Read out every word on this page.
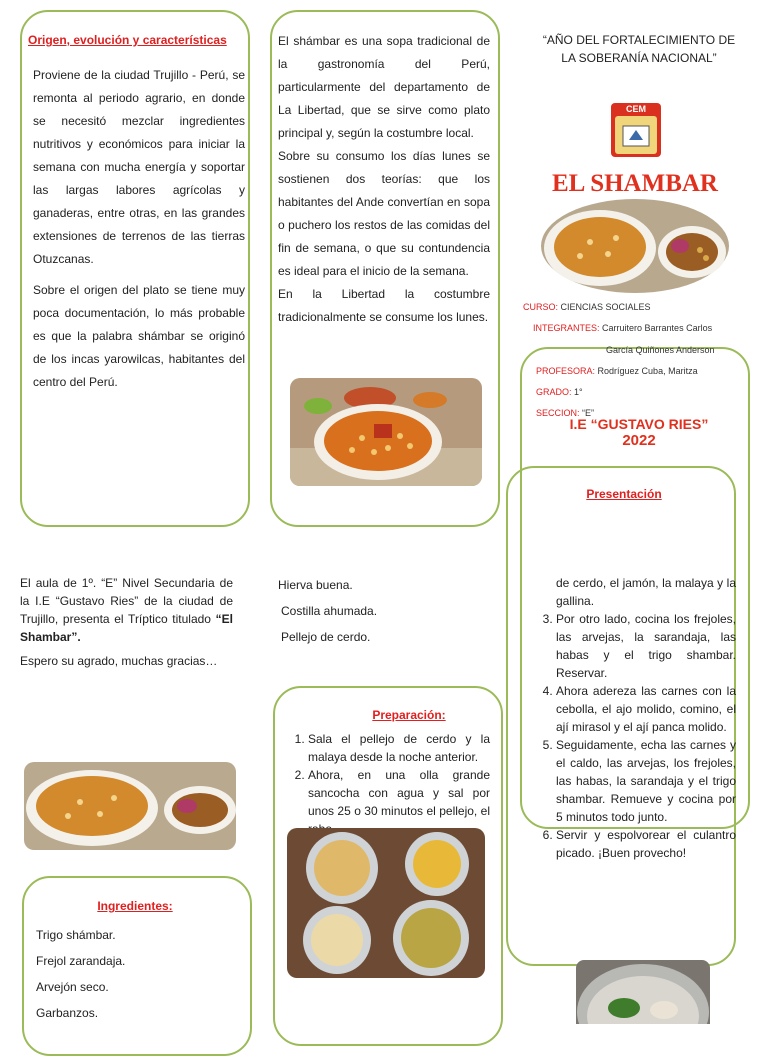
Origen, evolución y características

Proviene de la ciudad Trujillo - Perú, se remonta al periodo agrario, en donde se necesitó mezclar ingredientes nutritivos y económicos para iniciar la semana con mucha energía y soportar las largas labores agrícolas y ganaderas, entre otras, en las grandes extensiones de terrenos de las tierras Otuzcanas.

Sobre el origen del plato se tiene muy poca documentación, lo más probable es que la palabra shámbar se originó de los incas yarowilcas, habitantes del centro del Perú.

El shámbar es una sopa tradicional de la gastronomía del Perú, particularmente del departamento de La Libertad, que se sirve como plato principal y, según la costumbre local.

Sobre su consumo los días lunes se sostienen dos teorías: que los habitantes del Ande convertían en sopa o puchero los restos de las comidas del fin de semana, o que su contundencia es ideal para el inicio de la semana.

En la Libertad la costumbre tradicionalmente se consume los lunes.

“AÑO DEL FORTALECIMIENTO DE
LA SOBERANÍA NACIONAL”
CEM
EL SHAMBAR
CURSO: CIENCIAS SOCIALES
INTEGRANTES: Carruitero Barrantes Carlos
García Quiñones Anderson
PROFESORA: Rodríguez Cuba, Maritza
GRADO: 1°
SECCION: “E”
I.E “GUSTAVO RIES”
2022
Presentación

El aula de 1º. “E” Nivel Secundaria de la I.E “Gustavo Ries” de la ciudad de Trujillo, presenta el Tríptico titulado “El Shambar”.

Espero su agrado, muchas gracias…

Ingredientes:
Trigo shámbar.
Frejol zarandaja.
Arvejón seco.
Garbanzos.
Hierva buena.
Costilla ahumada.
Pellejo de cerdo.
Preparación:
1. Sala el pellejo de cerdo y la malaya desde la noche anterior.
2. Ahora, en una olla grande sancocha con agua y sal por unos 25 o 30 minutos el pellejo, el
de cerdo, el jamón, la malaya y la gallina.
3. Por otro lado, cocina los frejoles, las arvejas, la sarandaja, las habas y el trigo shambar. Reservar.
4. Ahora adereza las carnes con la cebolla, el ajo molido, comino, el ají mirasol y el ají panca molido.
5. Seguidamente, echa las carnes y el caldo, las arvejas, los frejoles, las habas, la sarandaja y el trigo shambar. Remueve y cocina por 5 minutos todo junto.
6. Servir y espolvorear el culantro picado. ¡Buen provecho!
